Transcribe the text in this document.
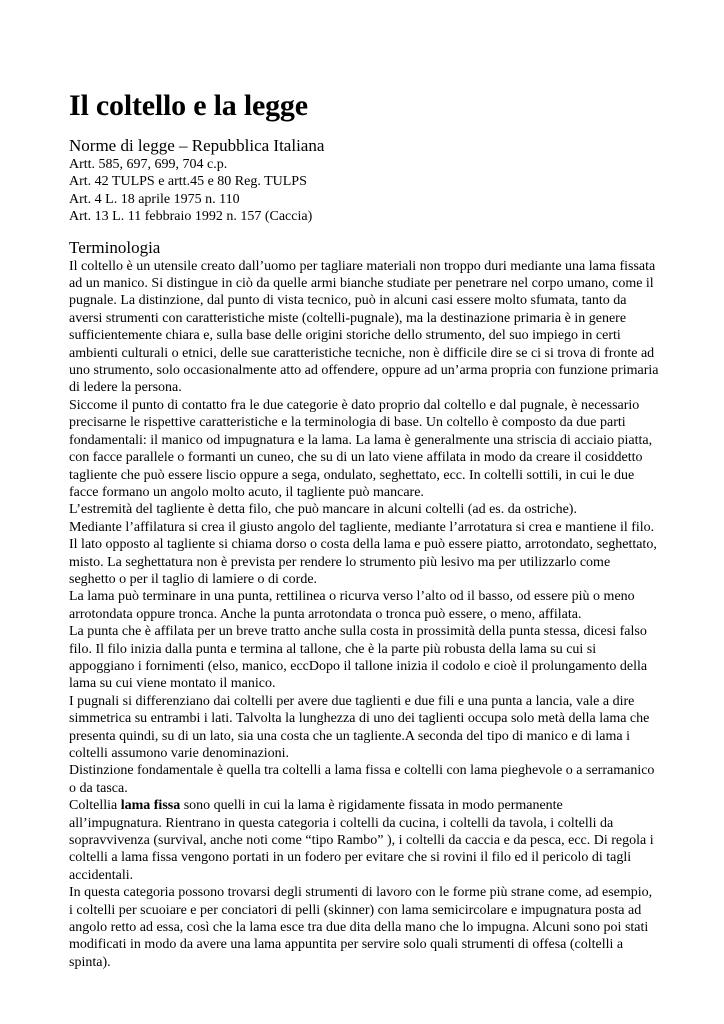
Il coltello e la legge

Norme di legge – Repubblica Italiana

Artt. 585, 697, 699, 704 c.p.

Art. 42 TULPS e artt.45 e 80 Reg. TULPS

Art. 4 L. 18 aprile 1975 n. 110

Art. 13 L. 11 febbraio 1992 n. 157 (Caccia)

Terminologia

Il coltello è un utensile creato dall’uomo per tagliare materiali non troppo duri mediante una lama fissata ad un manico. Si distingue in ciò da quelle armi bianche studiate per penetrare nel corpo umano, come il pugnale. La distinzione, dal punto di vista tecnico, può in alcuni casi essere molto sfumata, tanto da aversi strumenti con caratteristiche miste (coltelli-pugnale), ma la destinazione primaria è in genere sufficientemente chiara e, sulla base delle origini storiche dello strumento, del suo impiego in certi ambienti culturali o etnici, delle sue caratteristiche tecniche, non è difficile dire se ci si trova di fronte ad uno strumento, solo occasionalmente atto ad offendere, oppure ad un’arma propria con funzione primaria di ledere la persona.

Siccome il punto di contatto fra le due categorie è dato proprio dal coltello e dal pugnale, è necessario precisarne le rispettive caratteristiche e la terminologia di base. Un coltello è composto da due parti fondamentali: il manico od impugnatura e la lama. La lama è generalmente una striscia di acciaio piatta, con facce parallele o formanti un cuneo, che su di un lato viene affilata in modo da creare il cosiddetto tagliente che può essere liscio oppure a sega, ondulato, seghettato, ecc. In coltelli sottili, in cui le due facce formano un angolo molto acuto, il tagliente può mancare.

L’estremità del tagliente è detta filo, che può mancare in alcuni coltelli (ad es. da ostriche).

Mediante l’affilatura si crea il giusto angolo del tagliente, mediante l’arrotatura si crea e mantiene il filo. Il lato opposto al tagliente si chiama dorso o costa della lama e può essere piatto, arrotondato, seghettato, misto. La seghettatura non è prevista per rendere lo strumento più lesivo ma per utilizzarlo come seghetto o per il taglio di lamiere o di corde.

La lama può terminare in una punta, rettilinea o ricurva verso l’alto od il basso, od essere più o meno arrotondata oppure tronca. Anche la punta arrotondata o tronca può essere, o meno, affilata.

La punta che è affilata per un breve tratto anche sulla costa in prossimità della punta stessa, dicesi falso filo. Il filo inizia dalla punta e termina al tallone, che è la parte più robusta della lama su cui si appoggiano i fornimenti (elso, manico, eccDopo il tallone inizia il codolo e cioè il prolungamento della lama su cui viene montato il manico.

I pugnali si differenziano dai coltelli per avere due taglienti e due fili e una punta a lancia, vale a dire simmetrica su entrambi i lati. Talvolta la lunghezza di uno dei taglienti occupa solo metà della lama che presenta quindi, su di un lato, sia una costa che un tagliente.A seconda del tipo di manico e di lama i coltelli assumono varie denominazioni.

Distinzione fondamentale è quella tra coltelli a lama fissa e coltelli con lama pieghevole o a serramanico o da tasca.

Coltellia lama fissa sono quelli in cui la lama è rigidamente fissata in modo permanente all’impugnatura. Rientrano in questa categoria i coltelli da cucina, i coltelli da tavola, i coltelli da sopravvivenza (survival, anche noti come “tipo Rambo” ), i coltelli da caccia e da pesca, ecc. Di regola i coltelli a lama fissa vengono portati in un fodero per evitare che si rovini il filo ed il pericolo di tagli accidentali.

In questa categoria possono trovarsi degli strumenti di lavoro con le forme più strane come, ad esempio, i coltelli per scuoiare e per conciatori di pelli (skinner) con lama semicircolare e impugnatura posta ad angolo retto ad essa, così che la lama esce tra due dita della mano che lo impugna. Alcuni sono poi stati modificati in modo da avere una lama appuntita per servire solo quali strumenti di offesa (coltelli a spinta).
